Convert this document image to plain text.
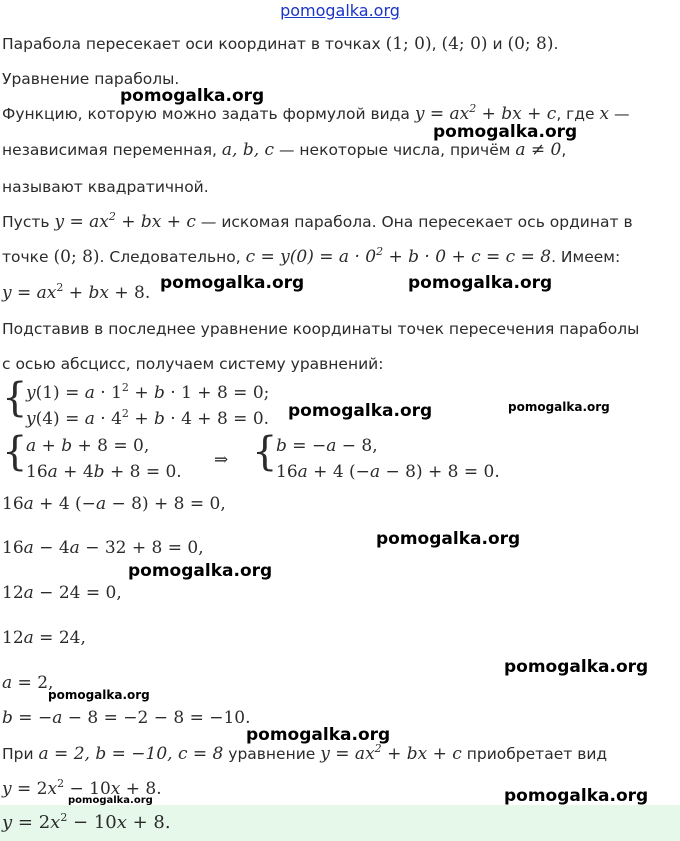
pomogalka.org
Парабола пересекает оси координат в точках (1; 0), (4; 0) и (0; 8).
Уравнение параболы.
Функцию, которую можно задать формулой вида $y = ax^2$ + bx + c, где x —
независимая переменная, a, b, c — некоторые числа, причём a ≠ 0,
называют квадратичной.
Пусть $y = ax^2$ + bx + c — искомая парабола. Она пересекает ось ординат в
точке (0; 8). Следовательно, $c = y(0) = a \cdot 0^2 + b \cdot 0 + c = c = 8$. Имеем:
$y = ax^2$ + bx + 8.
Подставив в последнее уравнение координаты точек пересечения параболы
с осью абсцисс, получаем систему уравнений:
{
$y(1) = a \cdot 1^2 + b \cdot 1 + 8 = 0$;
$y(4) = a \cdot 4^2 + b \cdot 4 + 8 = 0$.
{
a + b + 8 = 0,
16a + 4b + 8 = 0.
⇒ {
b = −a − 8,
16a + 4 (−a − 8) + 8 = 0.
16a + 4 (−a − 8) + 8 = 0,
16a − 4a − 32 + 8 = 0,
12a − 24 = 0,
12a = 24,
a = 2,
b = −a − 8 = −2 − 8 = −10.
При a = 2, b = −10, c = 8 уравнение $y = ax^2$ + bx + c приобретает вид
$y = 2x^2 - 10x + 8$.
$y = 2x^2 - 10x + 8$.
pomogalka.org
pomogalka.org
pomogalka.org	pomogalka.org
pomogalka.org	pomogalka.org
pomogalka.org
pomogalka.org
pomogalka.org
pomogalka.org
pomogalka.org
pomogalka.org
pomogalka.org
